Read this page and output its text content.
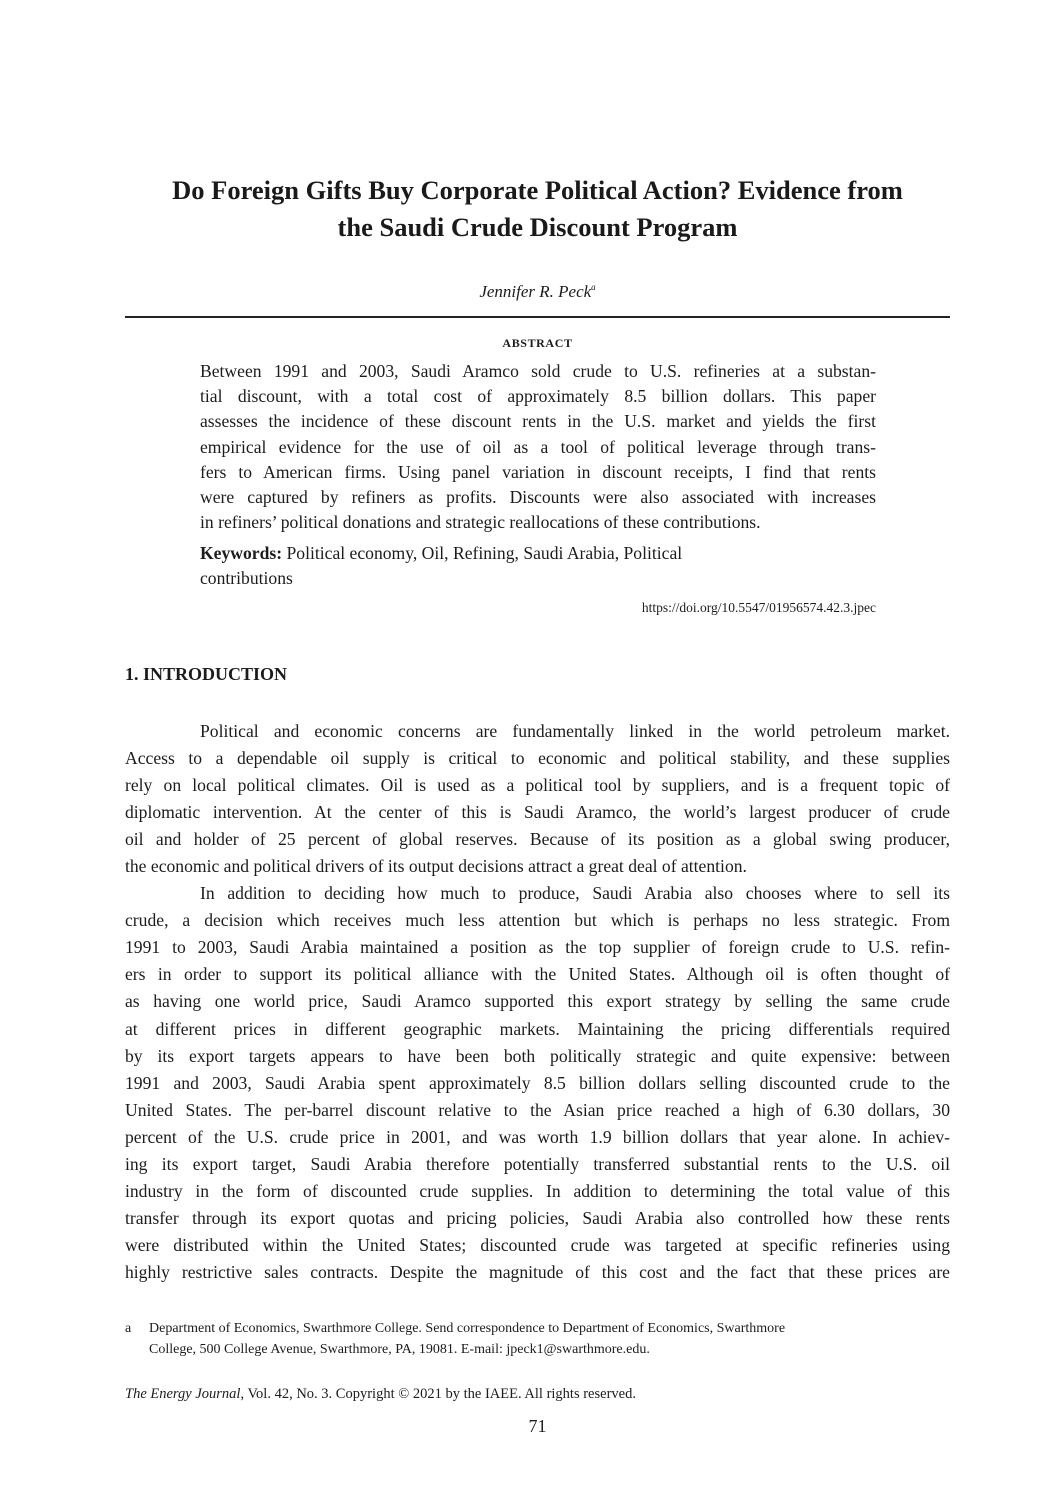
Do Foreign Gifts Buy Corporate Political Action? Evidence from
the Saudi Crude Discount Program
Jennifer R. Peck$^a$
ABSTRACT
Between 1991 and 2003, Saudi Aramco sold crude to U.S. refineries at a substan-
tial discount, with a total cost of approximately 8.5 billion dollars. This paper
assesses the incidence of these discount rents in the U.S. market and yields the first
empirical evidence for the use of oil as a tool of political leverage through trans-
fers to American firms. Using panel variation in discount receipts, I find that rents
were captured by refiners as profits. Discounts were also associated with increases
in refiners’ political donations and strategic reallocations of these contributions.
Keywords: Political economy, Oil, Refining, Saudi Arabia, Political
contributions
https://doi.org/10.5547/01956574.42.3.jpec
1. INTRODUCTION
Political and economic concerns are fundamentally linked in the world petroleum market.
Access to a dependable oil supply is critical to economic and political stability, and these supplies
rely on local political climates. Oil is used as a political tool by suppliers, and is a frequent topic of
diplomatic intervention. At the center of this is Saudi Aramco, the world’s largest producer of crude
oil and holder of 25 percent of global reserves. Because of its position as a global swing producer,
the economic and political drivers of its output decisions attract a great deal of attention.
In addition to deciding how much to produce, Saudi Arabia also chooses where to sell its
crude, a decision which receives much less attention but which is perhaps no less strategic. From
1991 to 2003, Saudi Arabia maintained a position as the top supplier of foreign crude to U.S. refin-
ers in order to support its political alliance with the United States. Although oil is often thought of
as having one world price, Saudi Aramco supported this export strategy by selling the same crude
at different prices in different geographic markets. Maintaining the pricing differentials required
by its export targets appears to have been both politically strategic and quite expensive: between
1991 and 2003, Saudi Arabia spent approximately 8.5 billion dollars selling discounted crude to the
United States. The per-barrel discount relative to the Asian price reached a high of 6.30 dollars, 30
percent of the U.S. crude price in 2001, and was worth 1.9 billion dollars that year alone. In achiev-
ing its export target, Saudi Arabia therefore potentially transferred substantial rents to the U.S. oil
industry in the form of discounted crude supplies. In addition to determining the total value of this
transfer through its export quotas and pricing policies, Saudi Arabia also controlled how these rents
were distributed within the United States; discounted crude was targeted at specific refineries using
highly restrictive sales contracts. Despite the magnitude of this cost and the fact that these prices are
a Department of Economics, Swarthmore College. Send correspondence to Department of Economics, Swarthmore
College, 500 College Avenue, Swarthmore, PA, 19081. E-mail: jpeck1@swarthmore.edu.
The Energy Journal, Vol. 42, No. 3. Copyright © 2021 by the IAEE. All rights reserved.
71
